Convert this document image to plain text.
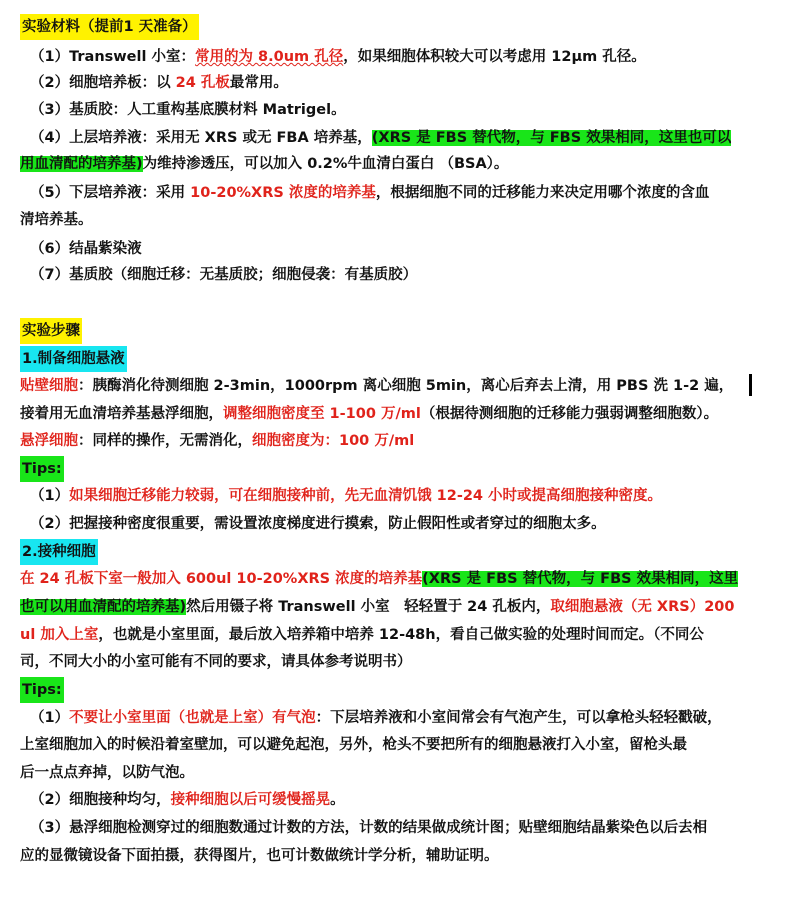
实验材料（提前1 天准备）
（1）Transwell 小室：常用的为 8.0um 孔径，如果细胞体积较大可以考虑用 12μm 孔径。
（2）细胞培养板：以 24 孔板最常用。
（3）基质胶：人工重构基底膜材料 Matrigel。
（4）上层培养液：采用无 XRS 或无 FBA 培养基，(XRS 是 FBS 替代物，与 FBS 效果相同，这里也可以
用血清配的培养基)为维持渗透压，可以加入 0.2%牛血清白蛋白 （BSA）。
（5）下层培养液：采用 10-20%XRS 浓度的培养基，根据细胞不同的迁移能力来决定用哪个浓度的含血
清培养基。
（6）结晶紫染液
（7）基质胶（细胞迁移：无基质胶；细胞侵袭：有基质胶）
实验步骤
1.制备细胞悬液
贴壁细胞：胰酶消化待测细胞 2-3min，1000rpm 离心细胞 5min，离心后弃去上清，用 PBS 洗 1-2 遍，
接着用无血清培养基悬浮细胞，调整细胞密度至 1-100 万/ml（根据待测细胞的迁移能力强弱调整细胞数）。
悬浮细胞：同样的操作，无需消化，细胞密度为：100 万/ml
Tips:
（1）如果细胞迁移能力较弱，可在细胞接种前，先无血清饥饿 12-24 小时或提高细胞接种密度。
（2）把握接种密度很重要，需设置浓度梯度进行摸索，防止假阳性或者穿过的细胞太多。
2.接种细胞
在 24 孔板下室一般加入 600ul 10-20%XRS 浓度的培养基(XRS 是 FBS 替代物，与 FBS 效果相同，这里
也可以用血清配的培养基)然后用镊子将 Transwell 小室　轻轻置于 24 孔板内，取细胞悬液（无 XRS）200
ul 加入上室，也就是小室里面，最后放入培养箱中培养 12-48h，看自己做实验的处理时间而定。（不同公
司，不同大小的小室可能有不同的要求，请具体参考说明书）
Tips:
（1）不要让小室里面（也就是上室）有气泡：下层培养液和小室间常会有气泡产生，可以拿枪头轻轻戳破，
上室细胞加入的时候沿着室壁加，可以避免起泡，另外，枪头不要把所有的细胞悬液打入小室，留枪头最
后一点点弃掉，以防气泡。
（2）细胞接种均匀，接种细胞以后可缓慢摇晃。
（3）悬浮细胞检测穿过的细胞数通过计数的方法，计数的结果做成统计图；贴壁细胞结晶紫染色以后去相
应的显微镜设备下面拍摄，获得图片，也可计数做统计学分析，辅助证明。
